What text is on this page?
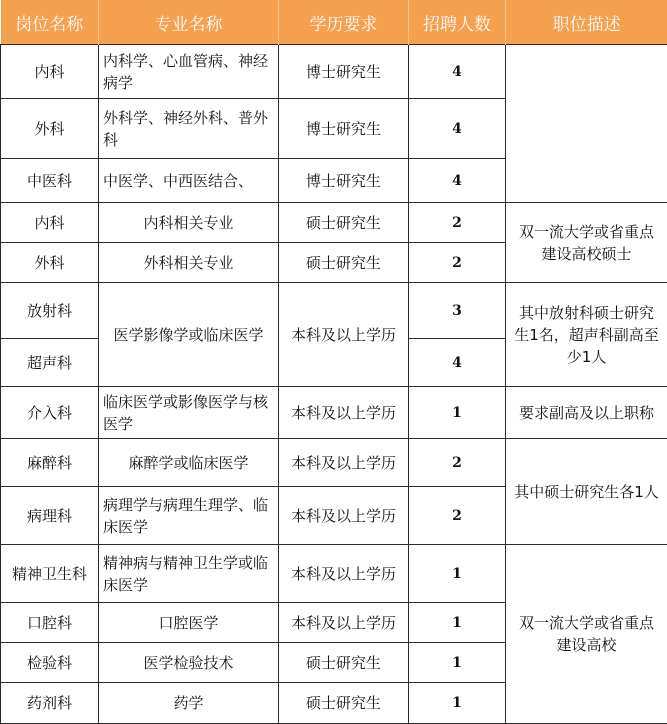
岗位名称	专业名称	学历要求	招聘人数	职位描述
内科	内科学、心血管病、神经病学	博士研究生	4	
外科	外科学、神经外科、普外科	博士研究生	4	
中医科	中医学、中西医结合、	博士研究生	4	
内科	内科相关专业	硕士研究生	2	双一流大学或省重点建设高校硕士
外科	外科相关专业	硕士研究生	2	
放射科	医学影像学或临床医学	本科及以上学历	3	其中放射科硕士研究生1名，超声科副高至少1人
超声科			4	
介入科	临床医学或影像医学与核医学	本科及以上学历	1	要求副高及以上职称
麻醉科	麻醉学或临床医学	本科及以上学历	2	其中硕士研究生各1人
病理科	病理学与病理生理学、临床医学	本科及以上学历	2	
精神卫生科	精神病与精神卫生学或临床医学	本科及以上学历	1	双一流大学或省重点建设高校
口腔科	口腔医学	本科及以上学历	1	
检验科	医学检验技术	硕士研究生	1	
药剂科	药学	硕士研究生	1	
